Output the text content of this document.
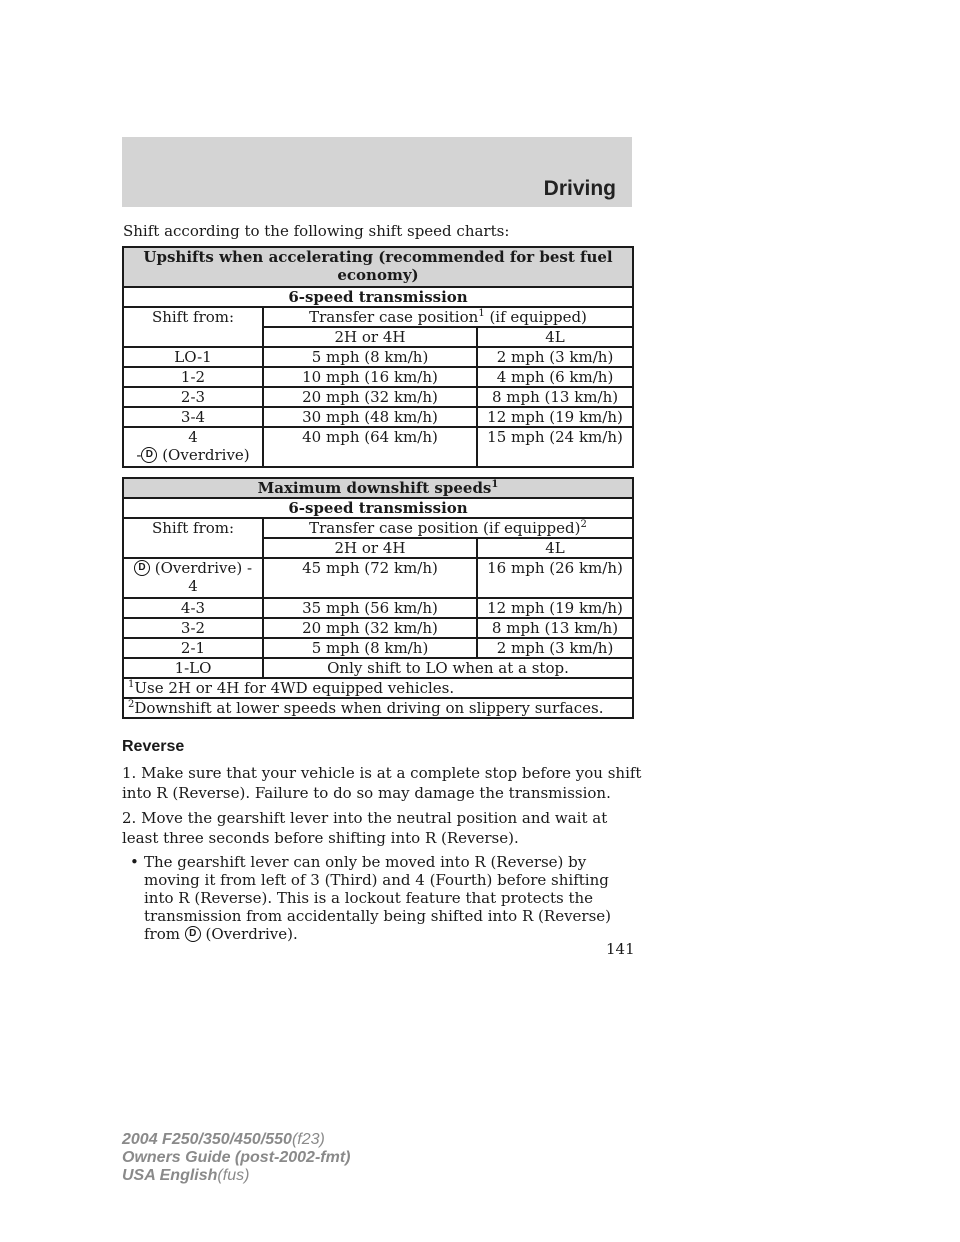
Driving
Shift according to the following shift speed charts:
Upshifts when accelerating (recommended for best fuel economy)		
6-speed transmission		
Shift from:	Transfer case position$^1$ (if equipped)	
	2H or 4H	4L
LO-1	5 mph (8 km/h)	2 mph (3 km/h)
1-2	10 mph (16 km/h)	4 mph (6 km/h)
2-3	20 mph (32 km/h)	8 mph (13 km/h)
3-4	30 mph (48 km/h)	12 mph (19 km/h)

4
- D (Overdrive)	40 mph (64 km/h)	15 mph (24 km/h)
Maximum downshift speeds$^1$
6-speed transmission		
Shift from:	Transfer case position (if equipped)$^2$
	2H or 4H	4L

D (Overdrive) -
4	45 mph (72 km/h)	16 mph (26 km/h)
4-3	35 mph (56 km/h)	12 mph (19 km/h)
3-2	20 mph (32 km/h)	8 mph (13 km/h)
2-1	5 mph (8 km/h)	2 mph (3 km/h)
1-LO	Only shift to LO when at a stop.	
$^1$Use 2H or 4H for 4WD equipped vehicles.		
$^2$Downshift at lower speeds when driving on slippery surfaces.		
Reverse
1. Make sure that your vehicle is at a complete stop before you shift into R (Reverse). Failure to do so may damage the transmission.
2. Move the gearshift lever into the neutral position and wait at least three seconds before shifting into R (Reverse).
• The gearshift lever can only be moved into R (Reverse) by moving it from left of 3 (Third) and 4 (Fourth) before shifting into R (Reverse). This is a lockout feature that protects the transmission from accidentally being shifted into R (Reverse) from D (Overdrive).
141
2004 F250/350/450/550(f23)
Owners Guide (post-2002-fmt)
USA English(fus)
